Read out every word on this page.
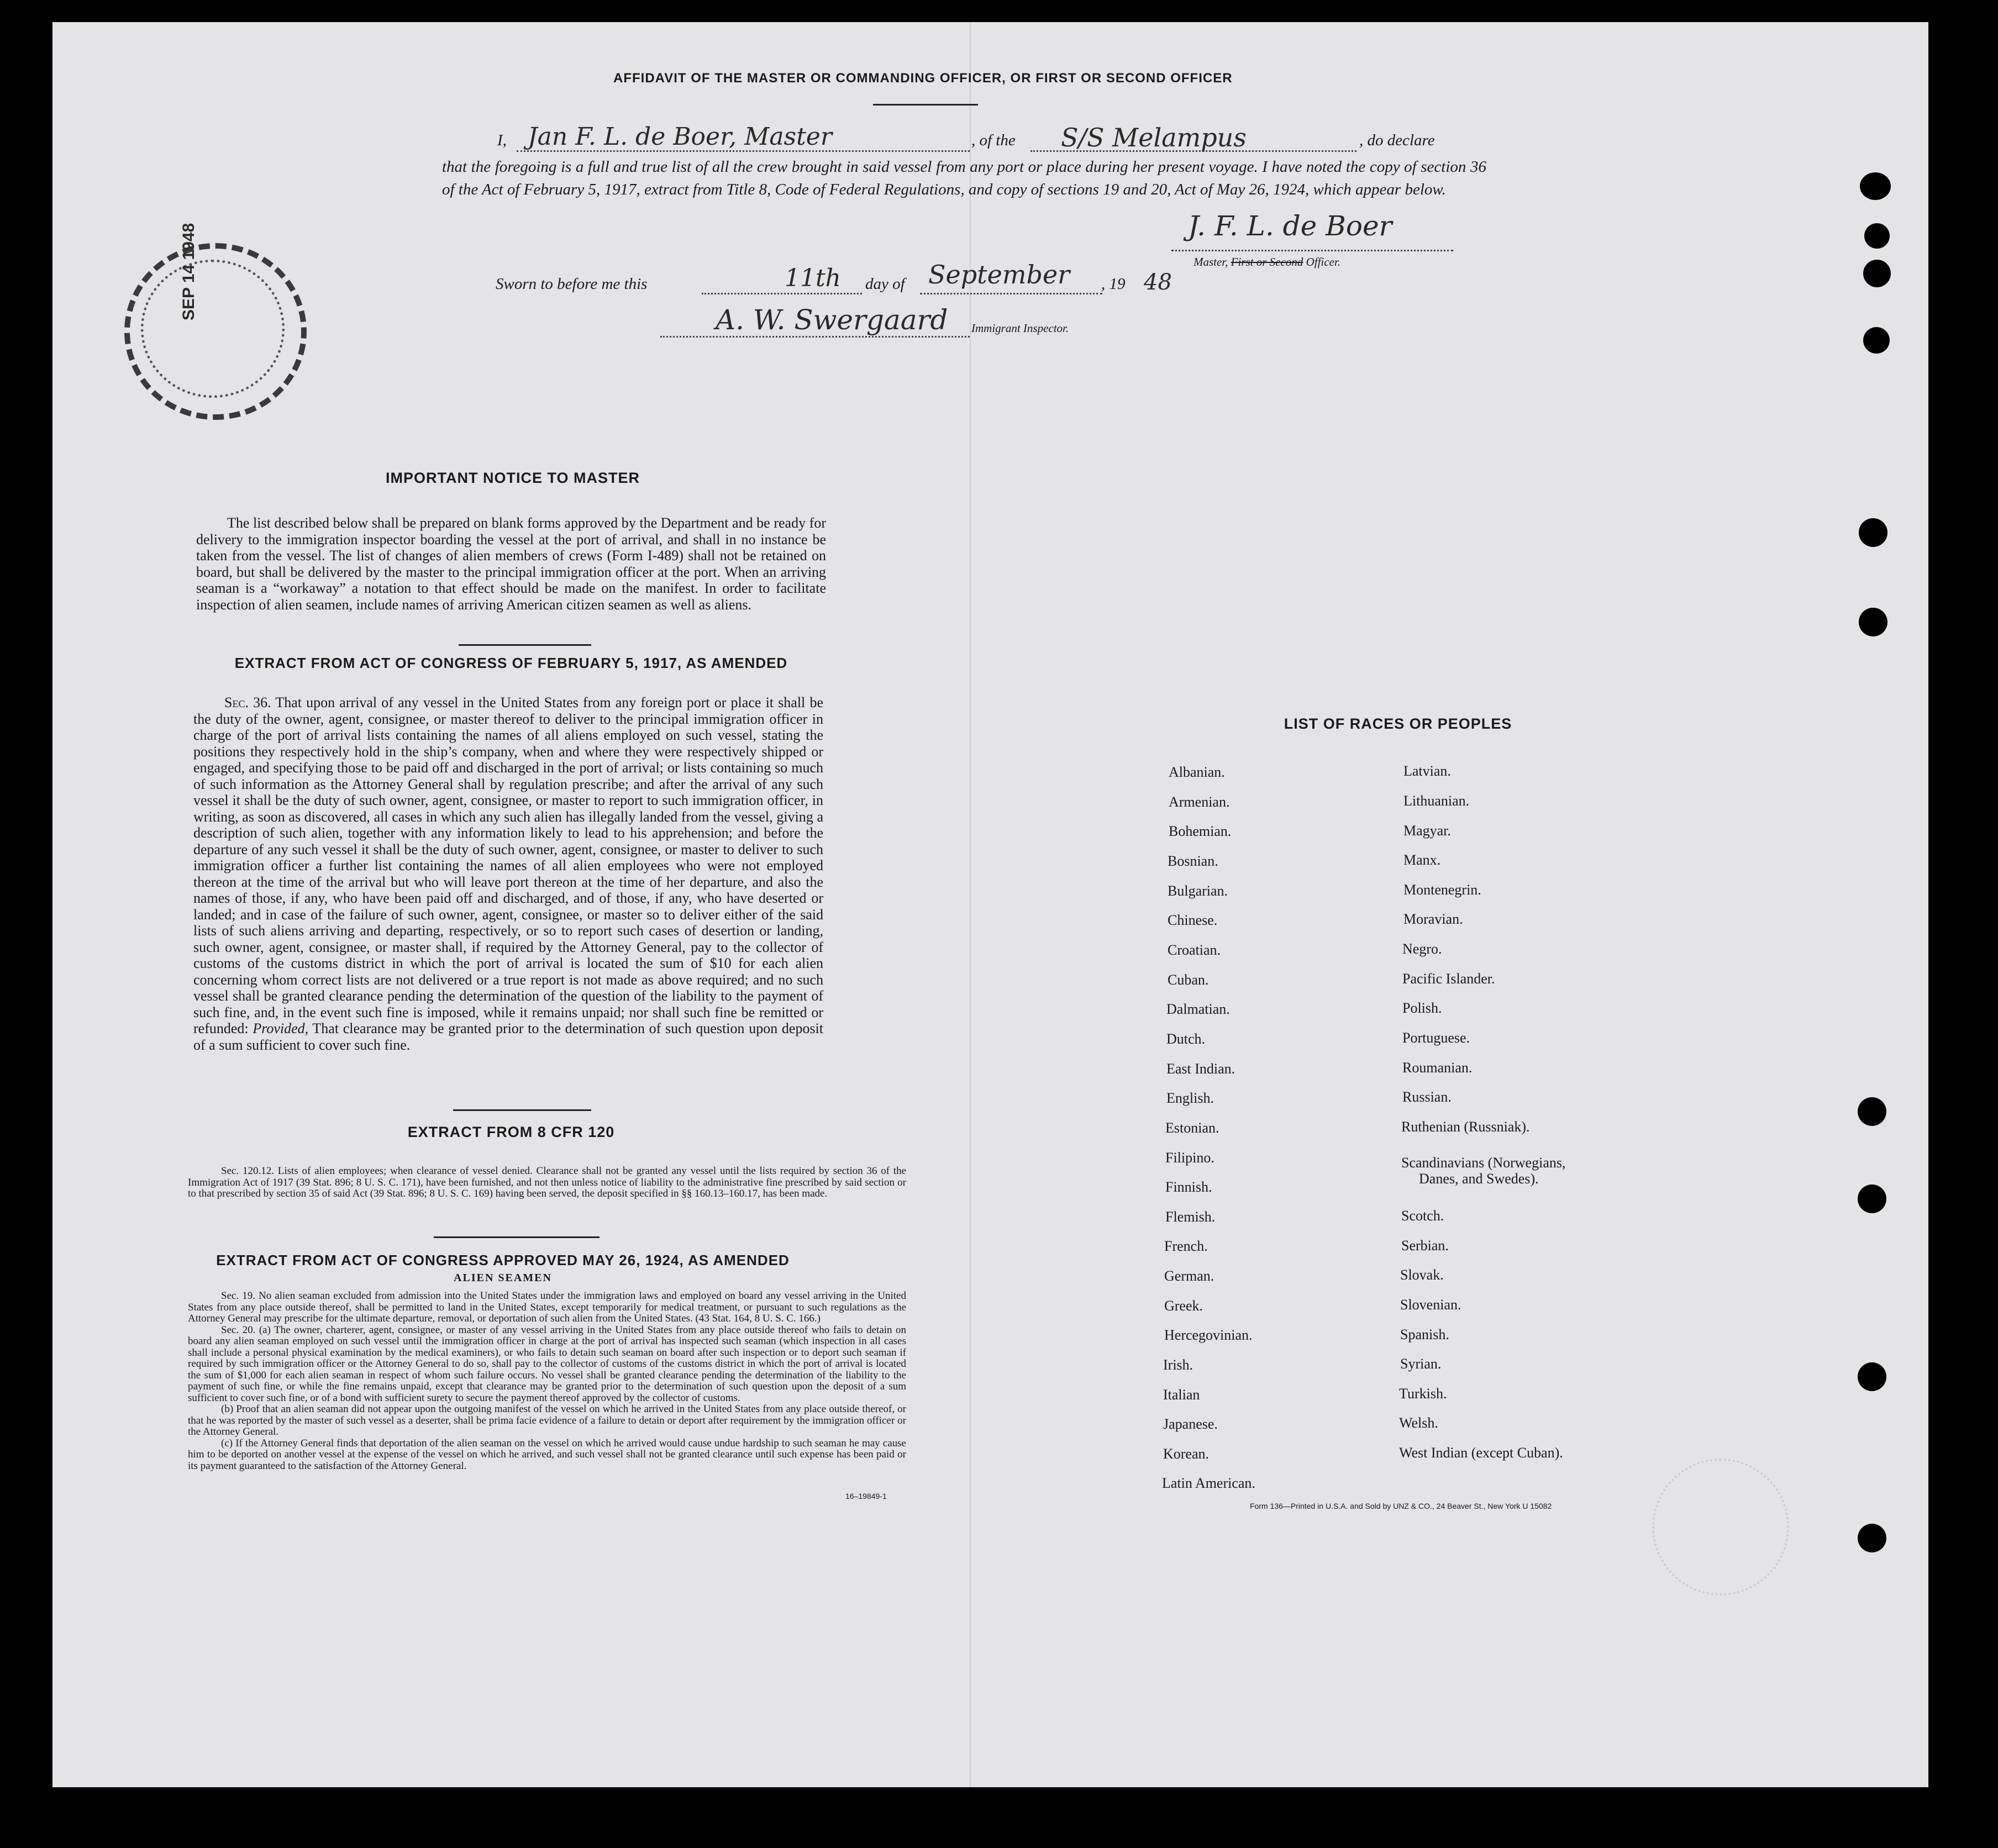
AFFIDAVIT OF THE MASTER OR COMMANDING OFFICER, OR FIRST OR SECOND OFFICER
I,	, of the	, do declare
Jan F. L. de Boer, Master	S/S Melampus
that the foregoing is a full and true list of all the crew brought in said vessel from any port or place during her present voyage. I have noted the copy of section 36 of the Act of February 5, 1917, extract from Title 8, Code of Federal Regulations, and copy of sections 19 and 20, Act of May 26, 1924, which appear below.
J. F. L. de Boer
Master, First or Second Officer.
Sworn to before me this	11th day of September , 19 48
A. W. Swergaard Immigrant Inspector.
SEP 14 1948
IMPORTANT NOTICE TO MASTER
The list described below shall be prepared on blank forms approved by the Department and be ready for delivery to the immigration inspector boarding the vessel at the port of arrival, and shall in no instance be taken from the vessel. The list of changes of alien members of crews (Form I-489) shall not be retained on board, but shall be delivered by the master to the principal immigration officer at the port. When an arriving seaman is a “workaway” a notation to that effect should be made on the manifest. In order to facilitate inspection of alien seamen, include names of arriving American citizen seamen as well as aliens.
EXTRACT FROM ACT OF CONGRESS OF FEBRUARY 5, 1917, AS AMENDED
Sec. 36. That upon arrival of any vessel in the United States from any foreign port or place it shall be the duty of the owner, agent, consignee, or master thereof to deliver to the principal immigration officer in charge of the port of arrival lists containing the names of all aliens employed on such vessel, stating the positions they respectively hold in the ship’s company, when and where they were respectively shipped or engaged, and specifying those to be paid off and discharged in the port of arrival; or lists containing so much of such information as the Attorney General shall by regulation prescribe; and after the arrival of any such vessel it shall be the duty of such owner, agent, consignee, or master to report to such immigration officer, in writing, as soon as discovered, all cases in which any such alien has illegally landed from the vessel, giving a description of such alien, together with any information likely to lead to his apprehension; and before the departure of any such vessel it shall be the duty of such owner, agent, consignee, or master to deliver to such immigration officer a further list containing the names of all alien employees who were not employed thereon at the time of the arrival but who will leave port thereon at the time of her departure, and also the names of those, if any, who have been paid off and discharged, and of those, if any, who have deserted or landed; and in case of the failure of such owner, agent, consignee, or master so to deliver either of the said lists of such aliens arriving and departing, respectively, or so to report such cases of desertion or landing, such owner, agent, consignee, or master shall, if required by the Attorney General, pay to the collector of customs of the customs district in which the port of arrival is located the sum of $10 for each alien concerning whom correct lists are not delivered or a true report is not made as above required; and no such vessel shall be granted clearance pending the determination of the question of the liability to the payment of such fine, and, in the event such fine is imposed, while it remains unpaid; nor shall such fine be remitted or refunded: Provided, That clearance may be granted prior to the determination of such question upon deposit of a sum sufficient to cover such fine.
EXTRACT FROM 8 CFR 120
Sec. 120.12. Lists of alien employees; when clearance of vessel denied. Clearance shall not be granted any vessel until the lists required by section 36 of the Immigration Act of 1917 (39 Stat. 896; 8 U. S. C. 171), have been furnished, and not then unless notice of liability to the administrative fine prescribed by said section or to that prescribed by section 35 of said Act (39 Stat. 896; 8 U. S. C. 169) having been served, the deposit specified in §§ 160.13–160.17, has been made.
EXTRACT FROM ACT OF CONGRESS APPROVED MAY 26, 1924, AS AMENDED
ALIEN SEAMEN
Sec. 19. No alien seaman excluded from admission into the United States under the immigration laws and employed on board any vessel arriving in the United States from any place outside thereof, shall be permitted to land in the United States, except temporarily for medical treatment, or pursuant to such regulations as the Attorney General may prescribe for the ultimate departure, removal, or deportation of such alien from the United States. (43 Stat. 164, 8 U. S. C. 166.)
Sec. 20. (a) The owner, charterer, agent, consignee, or master of any vessel arriving in the United States from any place outside thereof who fails to detain on board any alien seaman employed on such vessel until the immigration officer in charge at the port of arrival has inspected such seaman (which inspection in all cases shall include a personal physical examination by the medical examiners), or who fails to detain such seaman on board after such inspection or to deport such seaman if required by such immigration officer or the Attorney General to do so, shall pay to the collector of customs of the customs district in which the port of arrival is located the sum of $1,000 for each alien seaman in respect of whom such failure occurs. No vessel shall be granted clearance pending the determination of the liability to the payment of such fine, or while the fine remains unpaid, except that clearance may be granted prior to the determination of such question upon the deposit of a sum sufficient to cover such fine, or of a bond with sufficient surety to secure the payment thereof approved by the collector of customs.
(b) Proof that an alien seaman did not appear upon the outgoing manifest of the vessel on which he arrived in the United States from any place outside thereof, or that he was reported by the master of such vessel as a deserter, shall be prima facie evidence of a failure to detain or deport after requirement by the immigration officer or the Attorney General.
(c) If the Attorney General finds that deportation of the alien seaman on the vessel on which he arrived would cause undue hardship to such seaman he may cause him to be deported on another vessel at the expense of the vessel on which he arrived, and such vessel shall not be granted clearance until such expense has been paid or its payment guaranteed to the satisfaction of the Attorney General.
16–19849-1
LIST OF RACES OR PEOPLES
Albanian.
Armenian.
Bohemian.
Bosnian.
Bulgarian.
Chinese.
Croatian.
Cuban.
Dalmatian.
Dutch.
East Indian.
English.
Estonian.
Filipino.
Finnish.
Flemish.
French.
German.
Greek.
Hercegovinian.
Irish.
Italian
Japanese.
Korean.
Latin American.
Latvian.
Lithuanian.
Magyar.
Manx.
Montenegrin.
Moravian.
Negro.
Pacific Islander.
Polish.
Portuguese.
Roumanian.
Russian.
Ruthenian (Russniak).
Scandinavians (Norwegians,
Danes, and Swedes).
Scotch.
Serbian.
Slovak.
Slovenian.
Spanish.
Syrian.
Turkish.
Welsh.
West Indian (except Cuban).
Form 136—Printed in U.S.A. and Sold by UNZ & CO., 24 Beaver St., New York U 15082
